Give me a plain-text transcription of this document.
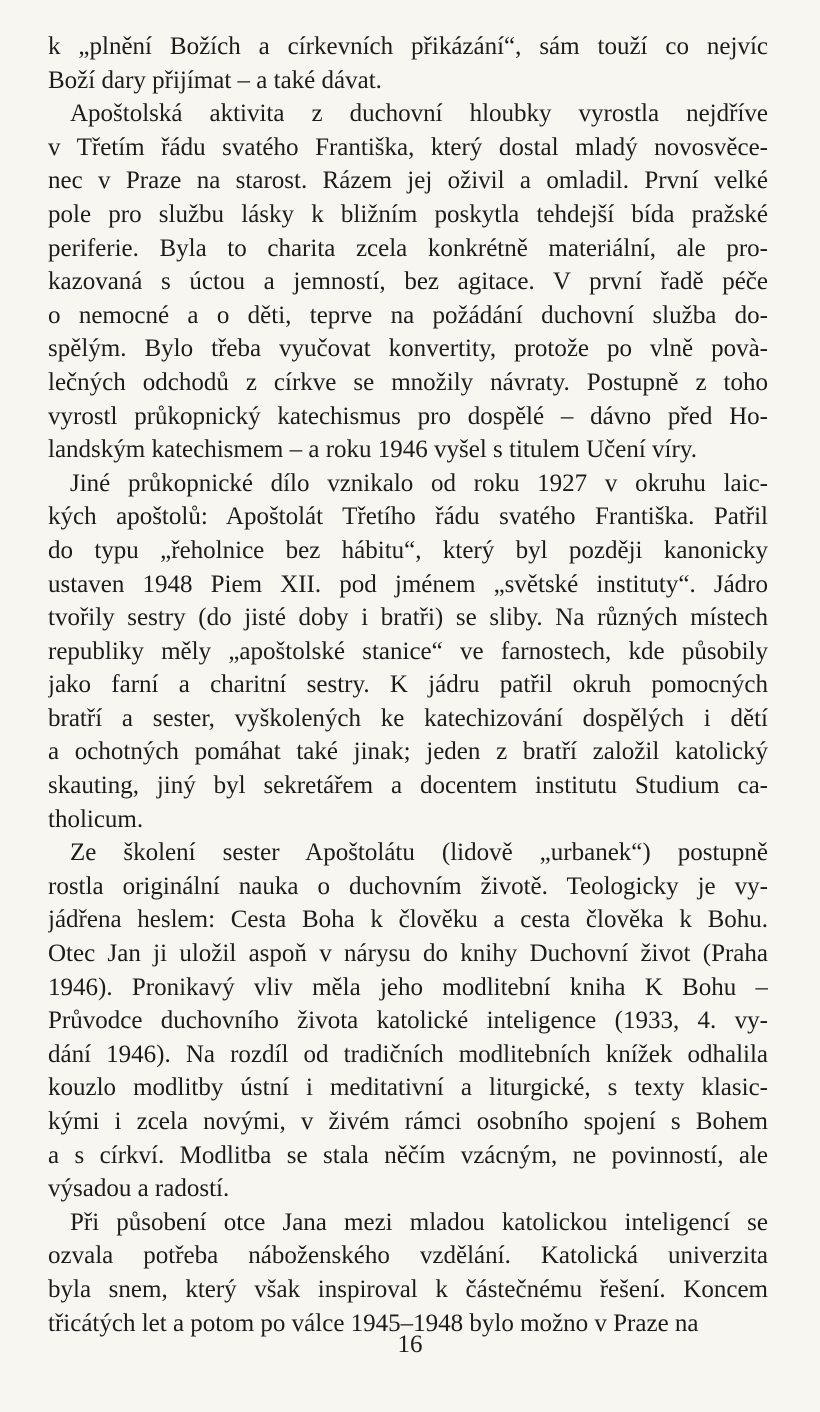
k „plnění Božích a církevních přikázání“, sám touží co nejvíc
Boží dary přijímat – a také dávat.
Apoštolská aktivita z duchovní hloubky vyrostla nejdříve
v Třetím řádu svatého Františka, který dostal mladý novosvěce-
nec v Praze na starost. Rázem jej oživil a omladil. První velké
pole pro službu lásky k bližním poskytla tehdejší bída pražské
periferie. Byla to charita zcela konkrétně materiální, ale pro-
kazovaná s úctou a jemností, bez agitace. V první řadě péče
o nemocné a o děti, teprve na požádání duchovní služba do-
spělým. Bylo třeba vyučovat konvertity, protože po vlně povà-
lečných odchodů z církve se množily návraty. Postupně z toho
vyrostl průkopnický katechismus pro dospělé – dávno před Ho-
landským katechismem – a roku 1946 vyšel s titulem Učení víry.
Jiné průkopnické dílo vznikalo od roku 1927 v okruhu laic-
kých apoštolů: Apoštolát Třetího řádu svatého Františka. Patřil
do typu „řeholnice bez hábitu“, který byl později kanonicky
ustaven 1948 Piem XII. pod jménem „světské instituty“. Jádro
tvořily sestry (do jisté doby i bratři) se sliby. Na různých místech
republiky měly „apoštolské stanice“ ve farnostech, kde působily
jako farní a charitní sestry. K jádru patřil okruh pomocných
bratří a sester, vyškolených ke katechizování dospělých i dětí
a ochotných pomáhat také jinak; jeden z bratří založil katolický
skauting, jiný byl sekretářem a docentem institutu Studium ca-
tholicum.
Ze školení sester Apoštolátu (lidově „urbanek“) postupně
rostla originální nauka o duchovním životě. Teologicky je vy-
jádřena heslem: Cesta Boha k člověku a cesta člověka k Bohu.
Otec Jan ji uložil aspoň v nárysu do knihy Duchovní život (Praha
1946). Pronikavý vliv měla jeho modlitební kniha K Bohu –
Průvodce duchovního života katolické inteligence (1933, 4. vy-
dání 1946). Na rozdíl od tradičních modlitebních knížek odhalila
kouzlo modlitby ústní i meditativní a liturgické, s texty klasic-
kými i zcela novými, v živém rámci osobního spojení s Bohem
a s církví. Modlitba se stala něčím vzácným, ne povinností, ale
výsadou a radostí.
Při působení otce Jana mezi mladou katolickou inteligencí se
ozvala potřeba náboženského vzdělání. Katolická univerzita
byla snem, který však inspiroval k částečnému řešení. Koncem
třicátých let a potom po válce 1945–1948 bylo možno v Praze na
16
